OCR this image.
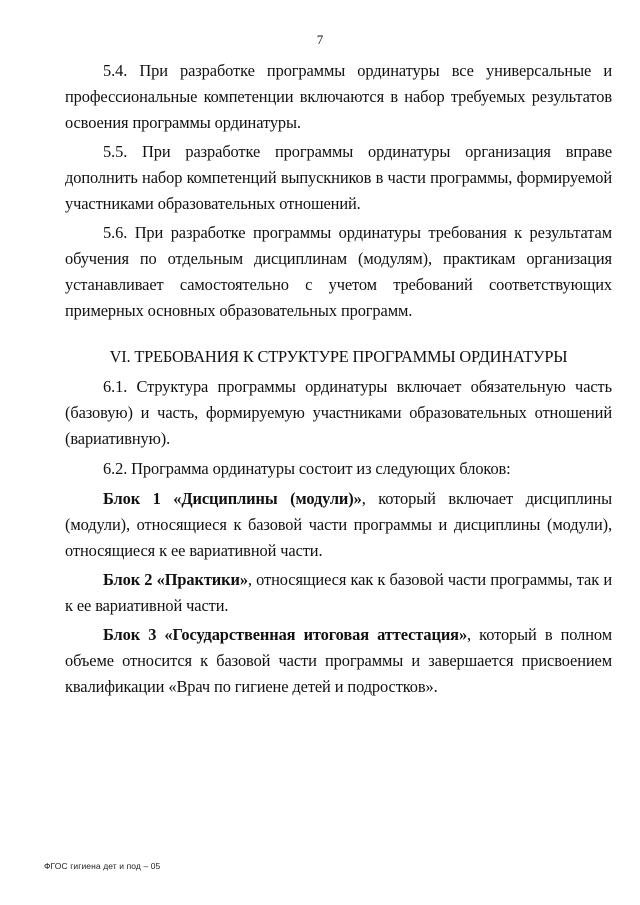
7

5.4. При разработке программы ординатуры все универсальные и профессиональные компетенции включаются в набор требуемых результатов освоения программы ординатуры.

5.5. При разработке программы ординатуры организация вправе дополнить набор компетенций выпускников в части программы, формируемой участниками образовательных отношений.

5.6. При разработке программы ординатуры требования к результатам обучения по отдельным дисциплинам (модулям), практикам организация устанавливает самостоятельно с учетом требований соответствующих примерных основных образовательных программ.

VI. ТРЕБОВАНИЯ К СТРУКТУРЕ ПРОГРАММЫ ОРДИНАТУРЫ

6.1. Структура программы ординатуры включает обязательную часть (базовую) и часть, формируемую участниками образовательных отношений (вариативную).

6.2. Программа ординатуры состоит из следующих блоков:

Блок 1 «Дисциплины (модули)», который включает дисциплины (модули), относящиеся к базовой части программы и дисциплины (модули), относящиеся к ее вариативной части.

Блок 2 «Практики», относящиеся как к базовой части программы, так и к ее вариативной части.

Блок 3 «Государственная итоговая аттестация», который в полном объеме относится к базовой части программы и завершается присвоением квалификации «Врач по гигиене детей и подростков».

ФГОС гигиена дет и под – 05
